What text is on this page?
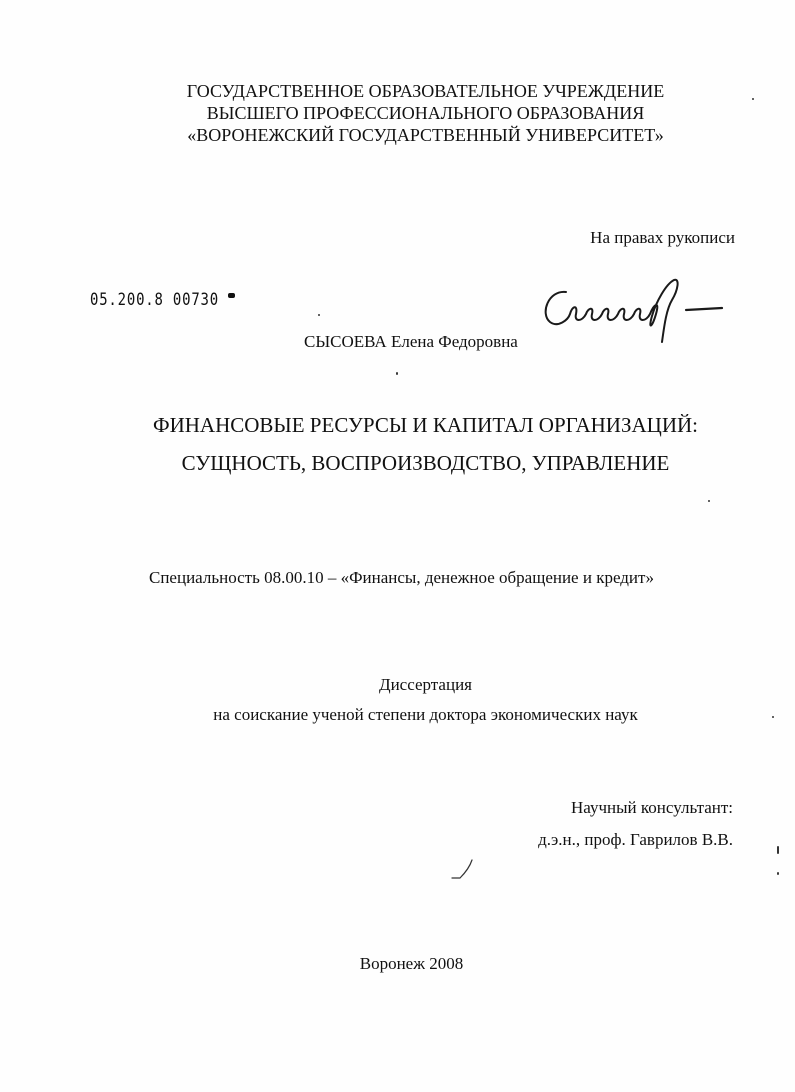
ГОСУДАРСТВЕННОЕ ОБРАЗОВАТЕЛЬНОЕ УЧРЕЖДЕНИЕ
ВЫСШЕГО ПРОФЕССИОНАЛЬНОГО ОБРАЗОВАНИЯ
«ВОРОНЕЖСКИЙ ГОСУДАРСТВЕННЫЙ УНИВЕРСИТЕТ»
На правах рукописи
05.200.8 00730
СЫСОЕВА Елена Федоровна
ФИНАНСОВЫЕ РЕСУРСЫ И КАПИТАЛ ОРГАНИЗАЦИЙ:
СУЩНОСТЬ, ВОСПРОИЗВОДСТВО, УПРАВЛЕНИЕ
Специальность 08.00.10 – «Финансы, денежное обращение и кредит»
Диссертация
на соискание ученой степени доктора экономических наук
Научный консультант:
д.э.н., проф. Гаврилов В.В.
Воронеж 2008
